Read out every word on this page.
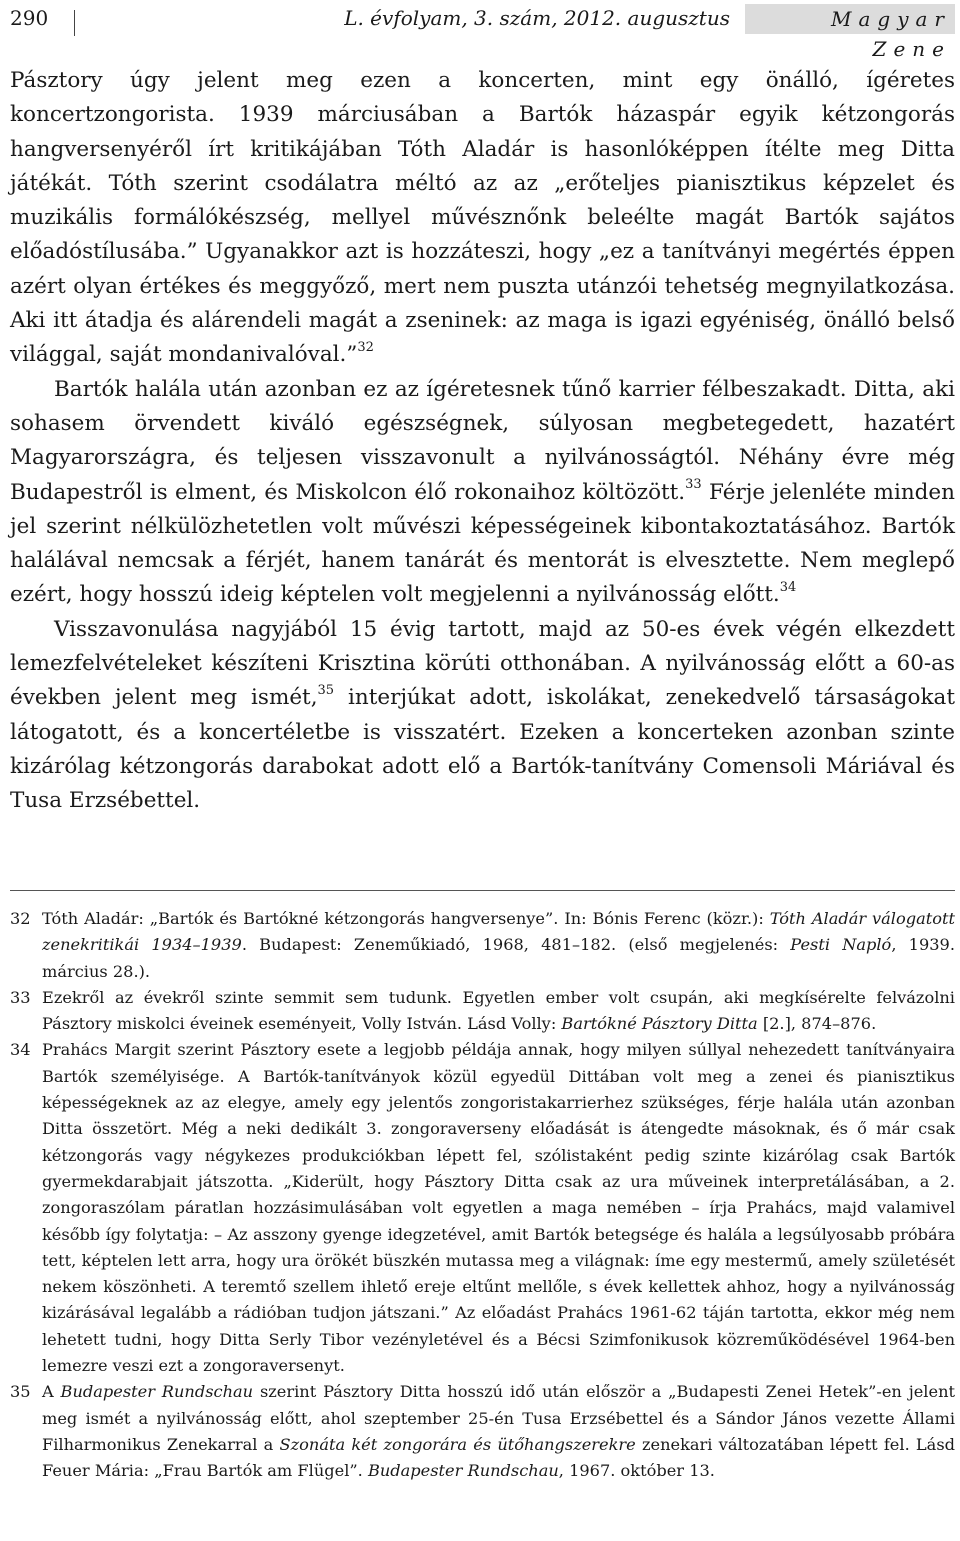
290	L. évfolyam, 3. szám, 2012. augusztus	Magyar Zene

Pásztory úgy jelent meg ezen a koncerten, mint egy önálló, ígéretes koncertzongorista. 1939 márciusában a Bartók házaspár egyik kétzongorás hangversenyéről írt kritikájában Tóth Aladár is hasonlóképpen ítélte meg Ditta játékát. Tóth szerint csodálatra méltó az az „erőteljes pianisztikus képzelet és muzikális formálókészség, mellyel művésznőnk beleélte magát Bartók sajátos előadóstílusába.” Ugyanakkor azt is hozzáteszi, hogy „ez a tanítványi megértés éppen azért olyan értékes és meggyőző, mert nem puszta utánzói tehetség megnyilatkozása. Aki itt átadja és alárendeli magát a zseninek: az maga is igazi egyéniség, önálló belső világgal, saját mondanivalóval.”$^{32}$

Bartók halála után azonban ez az ígéretesnek tűnő karrier félbeszakadt. Ditta, aki sohasem örvendett kiváló egészségnek, súlyosan megbetegedett, hazatért Magyarországra, és teljesen visszavonult a nyilvánosságtól. Néhány évre még Budapestről is elment, és Miskolcon élő rokonaihoz költözött.$^{33}$ Férje jelenléte minden jel szerint nélkülözhetetlen volt művészi képességeinek kibontakoztatásához. Bartók halálával nemcsak a férjét, hanem tanárát és mentorát is elvesztette. Nem meglepő ezért, hogy hosszú ideig képtelen volt megjelenni a nyilvánosság előtt.$^{34}$

Visszavonulása nagyjából 15 évig tartott, majd az 50-es évek végén elkezdett lemezfelvételeket készíteni Krisztina körúti otthonában. A nyilvánosság előtt a 60-as években jelent meg ismét,$^{35}$ interjúkat adott, iskolákat, zenekedvelő társaságokat látogatott, és a koncertéletbe is visszatért. Ezeken a koncerteken azonban szinte kizárólag kétzongorás darabokat adott elő a Bartók-tanítvány Comensoli Máriával és Tusa Erzsébettel.

32 Tóth Aladár: „Bartók és Bartókné kétzongorás hangversenye”. In: Bónis Ferenc (közr.): Tóth Aladár válogatott zenekritikái 1934–1939. Budapest: Zeneműkiadó, 1968, 481–182. (első megjelenés: Pesti Napló, 1939. március 28.).

33 Ezekről az évekről szinte semmit sem tudunk. Egyetlen ember volt csupán, aki megkísérelte felvázolni Pásztory miskolci éveinek eseményeit, Volly István. Lásd Volly: Bartókné Pásztory Ditta [2.], 874–876.

34 Prahács Margit szerint Pásztory esete a legjobb példája annak, hogy milyen súllyal nehezedett tanítványaira Bartók személyisége. A Bartók-tanítványok közül egyedül Dittában volt meg a zenei és pianisztikus képességeknek az az elegye, amely egy jelentős zongoristakarrierhez szükséges, férje halála után azonban Ditta összetört. Még a neki dedikált 3. zongoraverseny előadását is átengedte másoknak, és ő már csak kétzongorás vagy négykezes produkciókban lépett fel, szólistaként pedig szinte kizárólag csak Bartók gyermekdarabjait játszotta. „Kiderült, hogy Pásztory Ditta csak az ura műveinek interpretálásában, a 2. zongoraszólam páratlan hozzásimulásában volt egyetlen a maga nemében – írja Prahács, majd valamivel később így folytatja: – Az asszony gyenge idegzetével, amit Bartók betegsége és halála a legsúlyosabb próbára tett, képtelen lett arra, hogy ura örökét büszkén mutassa meg a világnak: íme egy mestermű, amely születését nekem köszönheti. A teremtő szellem ihlető ereje eltűnt mellőle, s évek kellettek ahhoz, hogy a nyilvánosság kizárásával legalább a rádióban tudjon játszani.” Az előadást Prahács 1961-62 táján tartotta, ekkor még nem lehetett tudni, hogy Ditta Serly Tibor vezényletével és a Bécsi Szimfonikusok közreműködésével 1964-ben lemezre veszi ezt a zongoraversenyt.

35 A Budapester Rundschau szerint Pásztory Ditta hosszú idő után először a „Budapesti Zenei Hetek”-en jelent meg ismét a nyilvánosság előtt, ahol szeptember 25-én Tusa Erzsébettel és a Sándor János vezette Állami Filharmonikus Zenekarral a Szonáta két zongorára és ütőhangszerekre zenekari változatában lépett fel. Lásd Feuer Mária: „Frau Bartók am Flügel”. Budapester Rundschau, 1967. október 13.
